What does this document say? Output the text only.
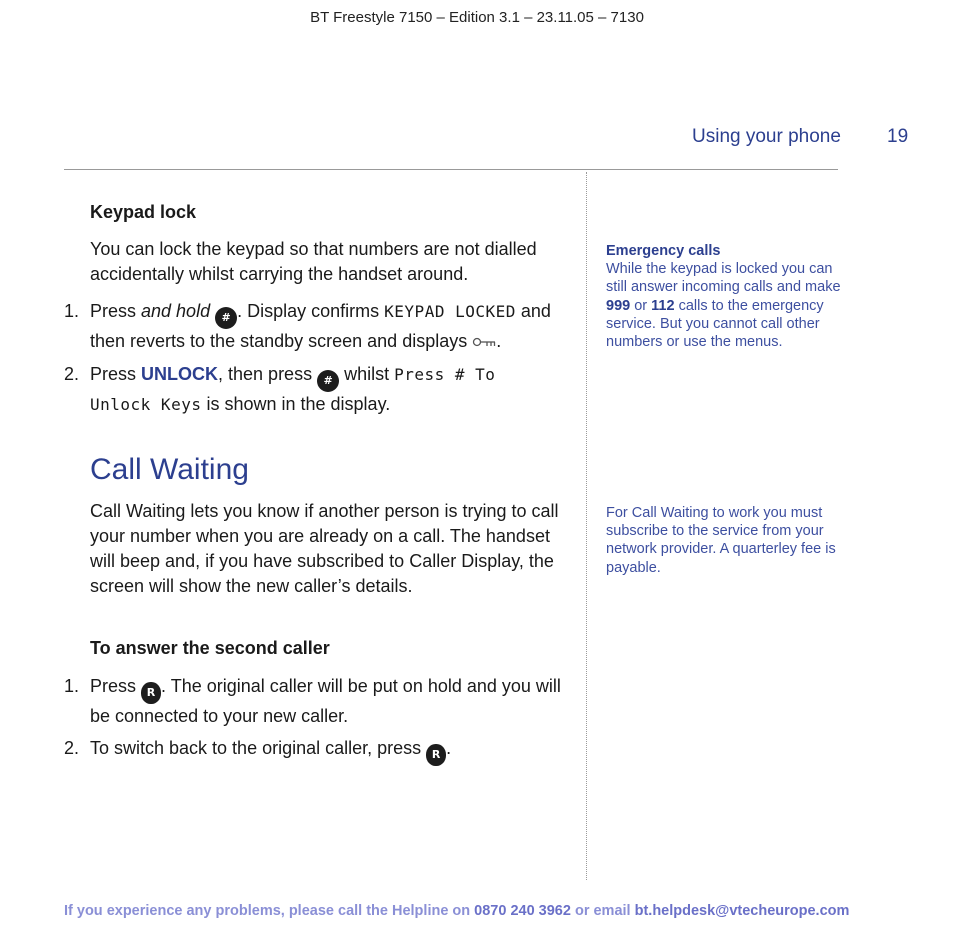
BT Freestyle 7150 – Edition 3.1 – 23.11.05 – 7130
Using your phone 19
Keypad lock
You can lock the keypad so that numbers are not dialled accidentally whilst carrying the handset around.
1. Press and hold # . Display confirms KEYPAD LOCKED and then reverts to the standby screen and displays .
2. Press UNLOCK, then press # whilst Press # To
Unlock Keys is shown in the display.
Call Waiting
Call Waiting lets you know if another person is trying to call your number when you are already on a call. The handset will beep and, if you have subscribed to Caller Display, the screen will show the new caller’s details.
To answer the second caller
1. Press R . The original caller will be put on hold and you will be connected to your new caller.
2. To switch back to the original caller, press R .
Emergency calls
While the keypad is locked you can still answer incoming calls and make 999 or 112 calls to the emergency service. But you cannot call other numbers or use the menus.
For Call Waiting to work you must subscribe to the service from your network provider. A quarterley fee is payable.
If you experience any problems, please call the Helpline on 0870 240 3962 or email bt.helpdesk@vtecheurope.com
